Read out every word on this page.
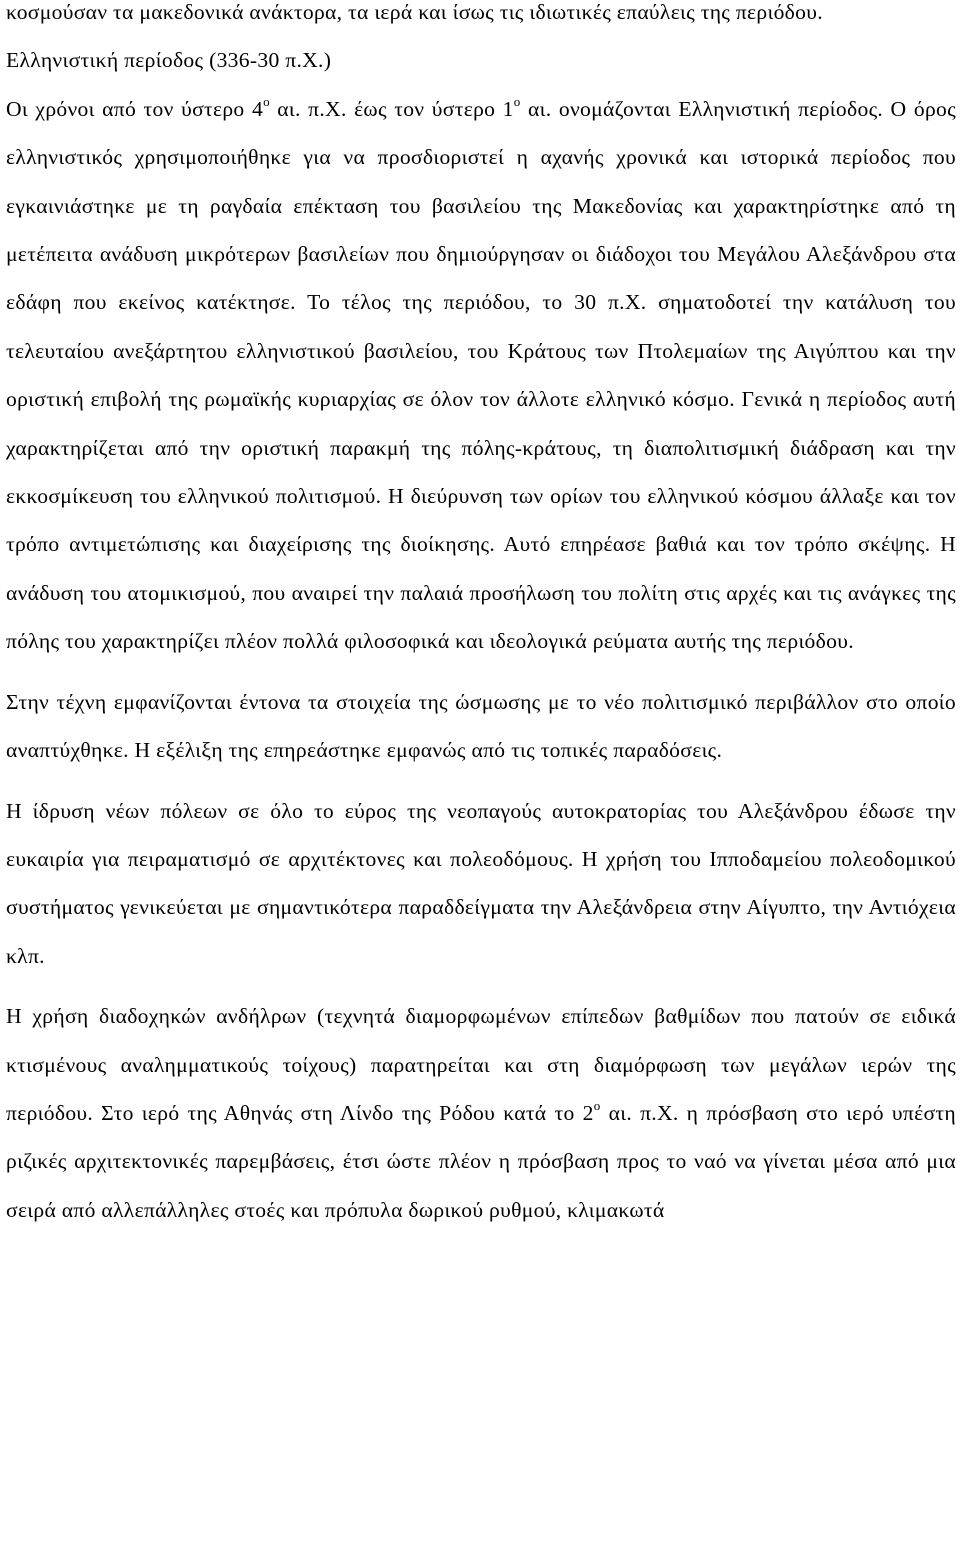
κοσμούσαν τα μακεδονικά ανάκτορα, τα ιερά και ίσως τις ιδιωτικές επαύλεις της περιόδου.

Ελληνιστική περίοδος (336-30 π.Χ.)

Οι χρόνοι από τον ύστερο $4^o$ αι. π.Χ. έως τον ύστερο $1^o$ αι. ονομάζονται Ελληνιστική περίοδος. Ο όρος ελληνιστικός χρησιμοποιήθηκε για να προσδιοριστεί η αχανής χρονικά και ιστορικά περίοδος που εγκαινιάστηκε με τη ραγδαία επέκταση του βασιλείου της Μακεδονίας και χαρακτηρίστηκε από τη μετέπειτα ανάδυση μικρότερων βασιλείων που δημιούργησαν οι διάδοχοι του Μεγάλου Αλεξάνδρου στα εδάφη που εκείνος κατέκτησε. Το τέλος της περιόδου, το 30 π.Χ. σηματοδοτεί την κατάλυση του τελευταίου ανεξάρτητου ελληνιστικού βασιλείου, του Κράτους των Πτολεμαίων της Αιγύπτου και την οριστική επιβολή της ρωμαϊκής κυριαρχίας σε όλον τον άλλοτε ελληνικό κόσμο. Γενικά η περίοδος αυτή χαρακτηρίζεται από την οριστική παρακμή της πόλης-κράτους, τη διαπολιτισμική διάδραση και την εκκοσμίκευση του ελληνικού πολιτισμού. Η διεύρυνση των ορίων του ελληνικού κόσμου άλλαξε και τον τρόπο αντιμετώπισης και διαχείρισης της διοίκησης. Αυτό επηρέασε βαθιά και τον τρόπο σκέψης. Η ανάδυση του ατομικισμού, που αναιρεί την παλαιά προσήλωση του πολίτη στις αρχές και τις ανάγκες της πόλης του χαρακτηρίζει πλέον πολλά φιλοσοφικά και ιδεολογικά ρεύματα αυτής της περιόδου.

Στην τέχνη εμφανίζονται έντονα τα στοιχεία της ώσμωσης με το νέο πολιτισμικό περιβάλλον στο οποίο αναπτύχθηκε. Η εξέλιξη της επηρεάστηκε εμφανώς από τις τοπικές παραδόσεις.

Η ίδρυση νέων πόλεων σε όλο το εύρος της νεοπαγούς αυτοκρατορίας του Αλεξάνδρου έδωσε την ευκαιρία για πειραματισμό σε αρχιτέκτονες και πολεοδόμους. Η χρήση του Ιπποδαμείου πολεοδομικού συστήματος γενικεύεται με σημαντικότερα παραδδείγματα την Αλεξάνδρεια στην Αίγυπτο, την Αντιόχεια κλπ.

Η χρήση διαδοχηκών ανδήλρων (τεχνητά διαμορφωμένων επίπεδων βαθμίδων που πατούν σε ειδικά κτισμένους αναλημματικούς τοίχους) παρατηρείται και στη διαμόρφωση των μεγάλων ιερών της περιόδου. Στο ιερό της Αθηνάς στη Λίνδο της Ρόδου κατά το $2^o$ αι. π.Χ. η πρόσβαση στο ιερό υπέστη ριζικές αρχιτεκτονικές παρεμβάσεις, έτσι ώστε πλέον η πρόσβαση προς το ναό να γίνεται μέσα από μια σειρά από αλλεπάλληλες στοές και πρόπυλα δωρικού ρυθμού, κλιμακωτά
